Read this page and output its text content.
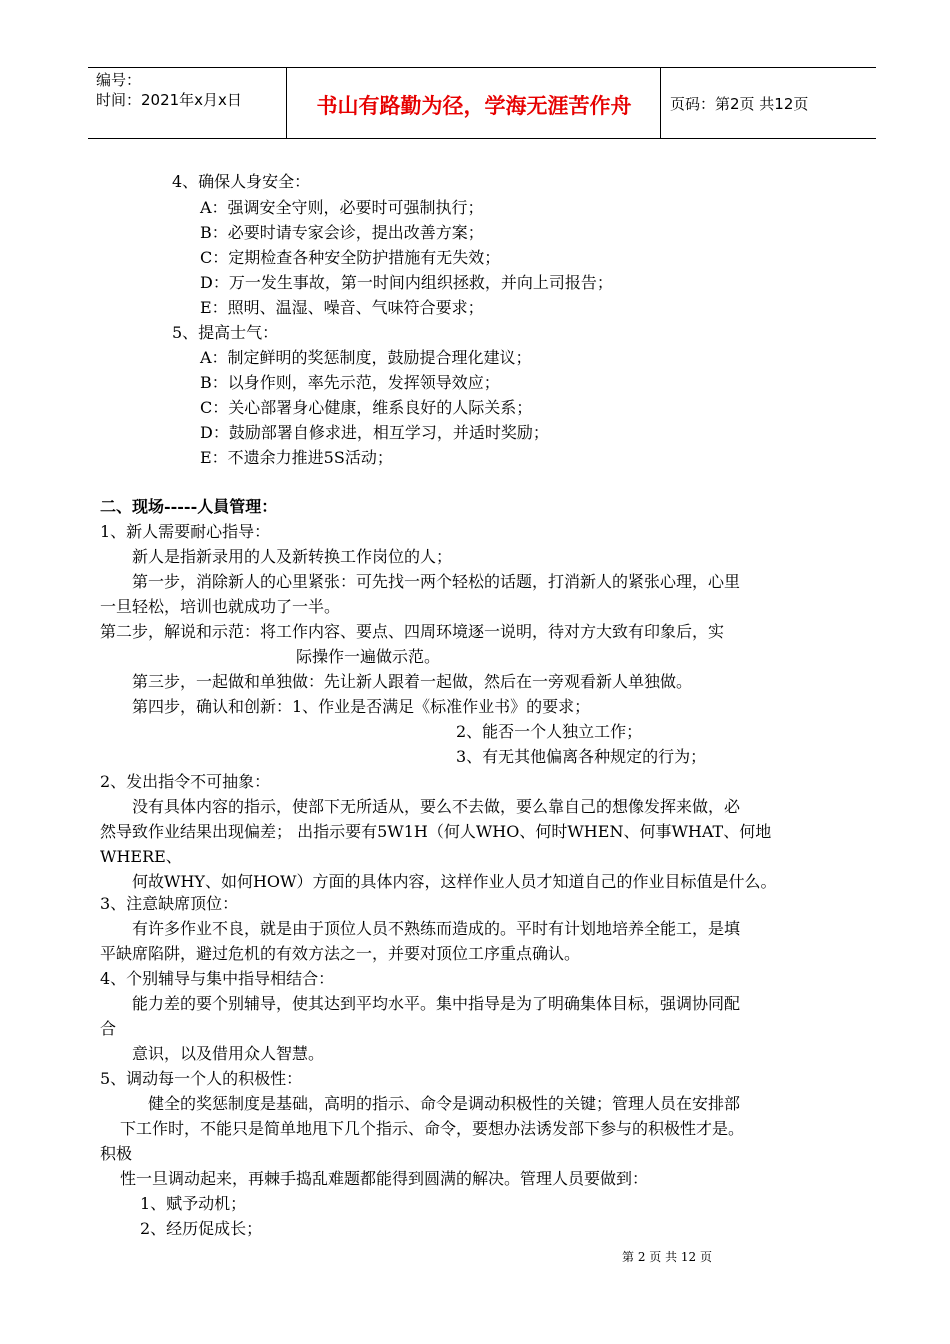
编号：
时间：2021年x月x日	书山有路勤为径，学海无涯苦作舟	页码：第2页 共12页
4、确保人身安全：
A：强调安全守则，必要时可强制执行；
B：必要时请专家会诊，提出改善方案；
C：定期检查各种安全防护措施有无失效；
D：万一发生事故，第一时间内组织拯救，并向上司报告；
E：照明、温湿、噪音、气味符合要求；
5、提高士气：
A：制定鲜明的奖惩制度，鼓励提合理化建议；
B：以身作则，率先示范，发挥领导效应；
C：关心部署身心健康，维系良好的人际关系；
D：鼓励部署自修求进，相互学习，并适时奖励；
E：不遗余力推进5S活动；
二、现场-----人員管理：
1、新人需要耐心指导：
新人是指新录用的人及新转换工作岗位的人；
第一步，消除新人的心里紧张：可先找一两个轻松的话题，打消新人的紧张心理，心里
一旦轻松，培训也就成功了一半。
第二步，解说和示范：将工作内容、要点、四周环境逐一说明，待对方大致有印象后，实
际操作一遍做示范。
第三步，一起做和单独做：先让新人跟着一起做，然后在一旁观看新人单独做。
第四步，确认和创新：1、作业是否满足《标准作业书》的要求；
2、能否一个人独立工作；
3、有无其他偏离各种规定的行为；
2、发出指令不可抽象：
没有具体内容的指示，使部下无所适从，要么不去做，要么靠自己的想像发挥来做，必
然导致作业结果出现偏差； 出指示要有5W1H（何人WHO、何时WHEN、何事WHAT、何地
WHERE、
何故WHY、如何HOW）方面的具体内容，这样作业人员才知道自己的作业目标值是什么。
3、注意缺席顶位：
有许多作业不良，就是由于顶位人员不熟练而造成的。平时有计划地培养全能工，是填
平缺席陷阱，避过危机的有效方法之一，并要对顶位工序重点确认。
4、个别辅导与集中指导相结合：
能力差的要个别辅导，使其达到平均水平。集中指导是为了明确集体目标，强调协同配
合
意识，以及借用众人智慧。
5、调动每一个人的积极性：
健全的奖惩制度是基础，高明的指示、命令是调动积极性的关键；管理人员在安排部
下工作时，不能只是简单地甩下几个指示、命令，要想办法诱发部下参与的积极性才是。
积极
性一旦调动起来，再棘手捣乱难题都能得到圆满的解决。管理人员要做到：
1、赋予动机；
2、经历促成长；
第 2 页 共 12 页
